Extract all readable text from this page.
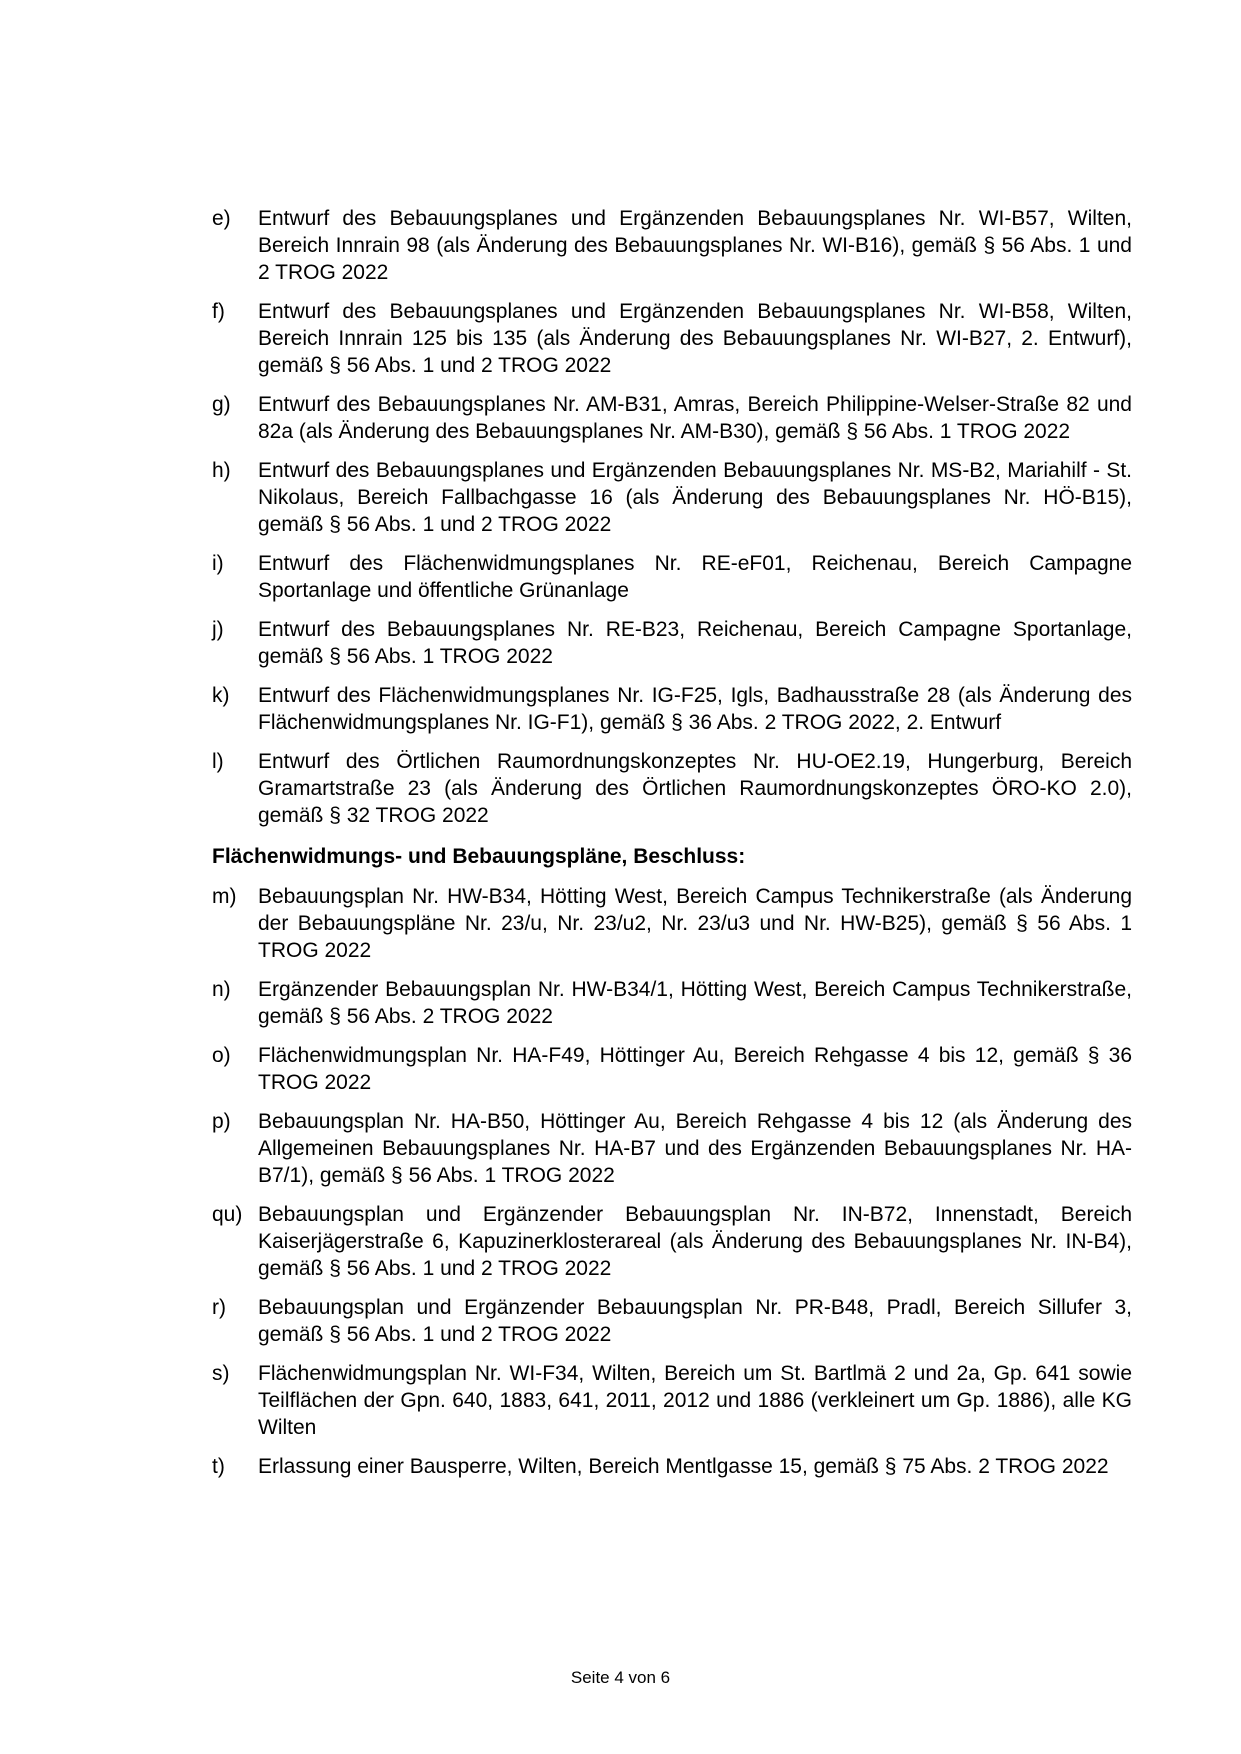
e)	Entwurf des Bebauungsplanes und Ergänzenden Bebauungsplanes Nr. WI-B57, Wilten, Bereich Innrain 98 (als Änderung des Bebauungsplanes Nr. WI-B16), gemäß § 56 Abs. 1 und 2 TROG 2022
f)	Entwurf des Bebauungsplanes und Ergänzenden Bebauungsplanes Nr. WI-B58, Wilten, Bereich Innrain 125 bis 135 (als Änderung des Bebauungsplanes Nr. WI-B27, 2. Entwurf), gemäß § 56 Abs. 1 und 2 TROG 2022
g)	Entwurf des Bebauungsplanes Nr. AM-B31, Amras, Bereich Philippine-Welser-Straße 82 und 82a (als Änderung des Bebauungsplanes Nr. AM-B30), gemäß § 56 Abs. 1 TROG 2022
h)	Entwurf des Bebauungsplanes und Ergänzenden Bebauungsplanes Nr. MS-B2, Mariahilf - St. Nikolaus, Bereich Fallbachgasse 16 (als Änderung des Bebauungsplanes Nr. HÖ-B15), gemäß § 56 Abs. 1 und 2 TROG 2022
i)	Entwurf des Flächenwidmungsplanes Nr. RE-eF01, Reichenau, Bereich Campagne Sportanlage und öffentliche Grünanlage
j)	Entwurf des Bebauungsplanes Nr. RE-B23, Reichenau, Bereich Campagne Sportanlage, gemäß § 56 Abs. 1 TROG 2022
k)	Entwurf des Flächenwidmungsplanes Nr. IG-F25, Igls, Badhausstraße 28 (als Änderung des Flächenwidmungsplanes Nr. IG-F1), gemäß § 36 Abs. 2 TROG 2022, 2. Entwurf
l)	Entwurf des Örtlichen Raumordnungskonzeptes Nr. HU-OE2.19, Hungerburg, Bereich Gramartstraße 23 (als Änderung des Örtlichen Raumordnungskonzeptes ÖRO-KO 2.0), gemäß § 32 TROG 2022
Flächenwidmungs- und Bebauungspläne, Beschluss:
m)	Bebauungsplan Nr. HW-B34, Hötting West, Bereich Campus Technikerstraße (als Änderung der Bebauungspläne Nr. 23/u, Nr. 23/u2, Nr. 23/u3 und Nr. HW-B25), gemäß § 56 Abs. 1 TROG 2022
n)	Ergänzender Bebauungsplan Nr. HW-B34/1, Hötting West, Bereich Campus Technikerstraße, gemäß § 56 Abs. 2 TROG 2022
o)	Flächenwidmungsplan Nr. HA-F49, Höttinger Au, Bereich Rehgasse 4 bis 12, gemäß § 36 TROG 2022
p)	Bebauungsplan Nr. HA-B50, Höttinger Au, Bereich Rehgasse 4 bis 12 (als Änderung des Allgemeinen Bebauungsplanes Nr. HA-B7 und des Ergänzenden Bebauungsplanes Nr. HA-B7/1), gemäß § 56 Abs. 1 TROG 2022
qu) Bebauungsplan und Ergänzender Bebauungsplan Nr. IN-B72, Innenstadt, Bereich Kaiserjägerstraße 6, Kapuzinerklosterareal (als Änderung des Bebauungsplanes Nr. IN-B4), gemäß § 56 Abs. 1 und 2 TROG 2022
r)	Bebauungsplan und Ergänzender Bebauungsplan Nr. PR-B48, Pradl, Bereich Sillufer 3, gemäß § 56 Abs. 1 und 2 TROG 2022
s)	Flächenwidmungsplan Nr. WI-F34, Wilten, Bereich um St. Bartlmä 2 und 2a, Gp. 641 sowie Teilflächen der Gpn. 640, 1883, 641, 2011, 2012 und 1886 (verkleinert um Gp. 1886), alle KG Wilten
t)	Erlassung einer Bausperre, Wilten, Bereich Mentlgasse 15, gemäß § 75 Abs. 2 TROG 2022
Seite 4 von 6
